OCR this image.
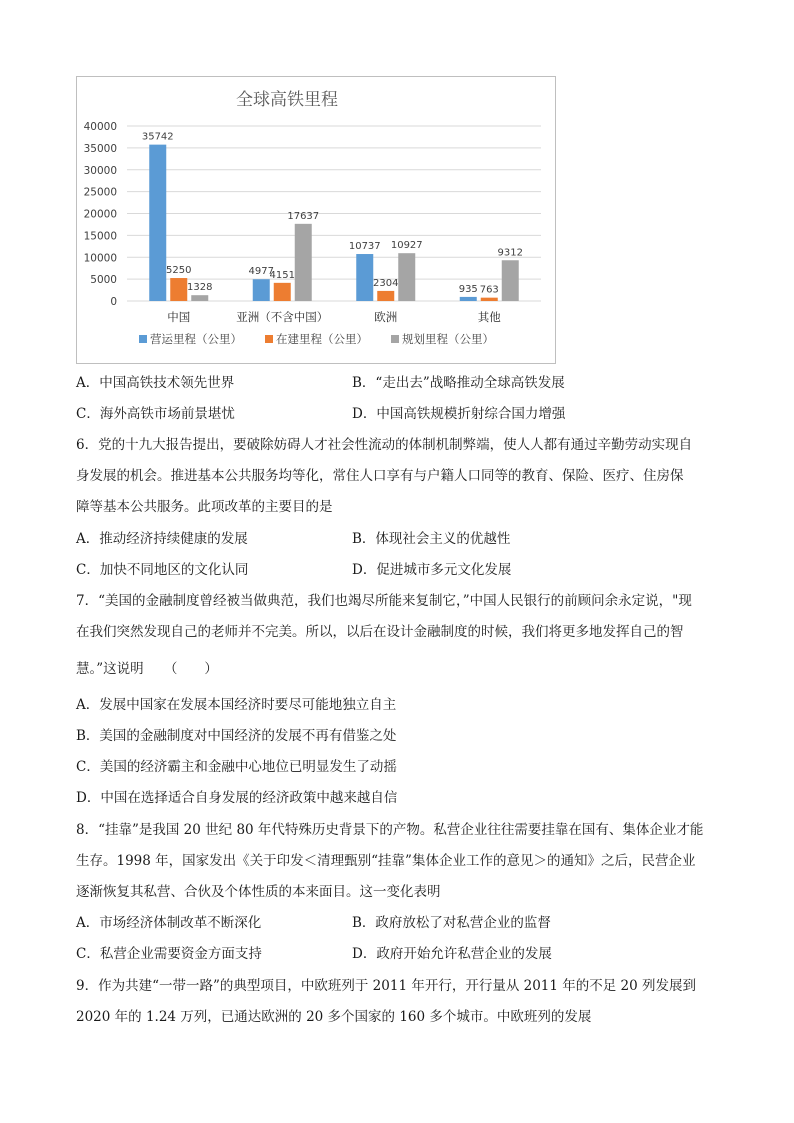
全球高铁里程
0
5000
10000
15000
20000
25000
30000
35000
40000
35742
5250
1328
中国
4977
4151
17637
亚洲（不含中国）
10737
2304
10927
欧洲
935 763
9312
其他
营运里程（公里）	在建里程（公里）	规划里程（公里）
A．中国高铁技术领先世界	B．“走出去”战略推动全球高铁发展
C．海外高铁市场前景堪忧	D．中国高铁规模折射综合国力增强
6．党的十九大报告提出，要破除妨碍人才社会性流动的体制机制弊端，使人人都有通过辛勤劳动实现自
身发展的机会。推进基本公共服务均等化，常住人口享有与户籍人口同等的教育、保险、医疗、住房保
障等基本公共服务。此项改革的主要目的是
A．推动经济持续健康的发展	B．体现社会主义的优越性
C．加快不同地区的文化认同	D．促进城市多元文化发展
7．“美国的金融制度曾经被当做典范，我们也竭尽所能来复制它，”中国人民银行的前顾问余永定说，"现
在我们突然发现自己的老师并不完美。所以，以后在设计金融制度的时候，我们将更多地发挥自己的智
慧。”这说明　　（　　）
A．发展中国家在发展本国经济时要尽可能地独立自主
B．美国的金融制度对中国经济的发展不再有借鉴之处
C．美国的经济霸主和金融中心地位已明显发生了动摇
D．中国在选择适合自身发展的经济政策中越来越自信
8．“挂靠”是我国 20 世纪 80 年代特殊历史背景下的产物。私营企业往往需要挂靠在国有、集体企业才能
生存。1998 年，国家发出《关于印发＜清理甄别“挂靠”集体企业工作的意见＞的通知》之后，民营企业
逐渐恢复其私营、合伙及个体性质的本来面目。这一变化表明
A．市场经济体制改革不断深化	B．政府放松了对私营企业的监督
C．私营企业需要资金方面支持	D．政府开始允许私营企业的发展
9．作为共建“一带一路”的典型项目，中欧班列于 2011 年开行，开行量从 2011 年的不足 20 列发展到
2020 年的 1.24 万列，已通达欧洲的 20 多个国家的 160 多个城市。中欧班列的发展
